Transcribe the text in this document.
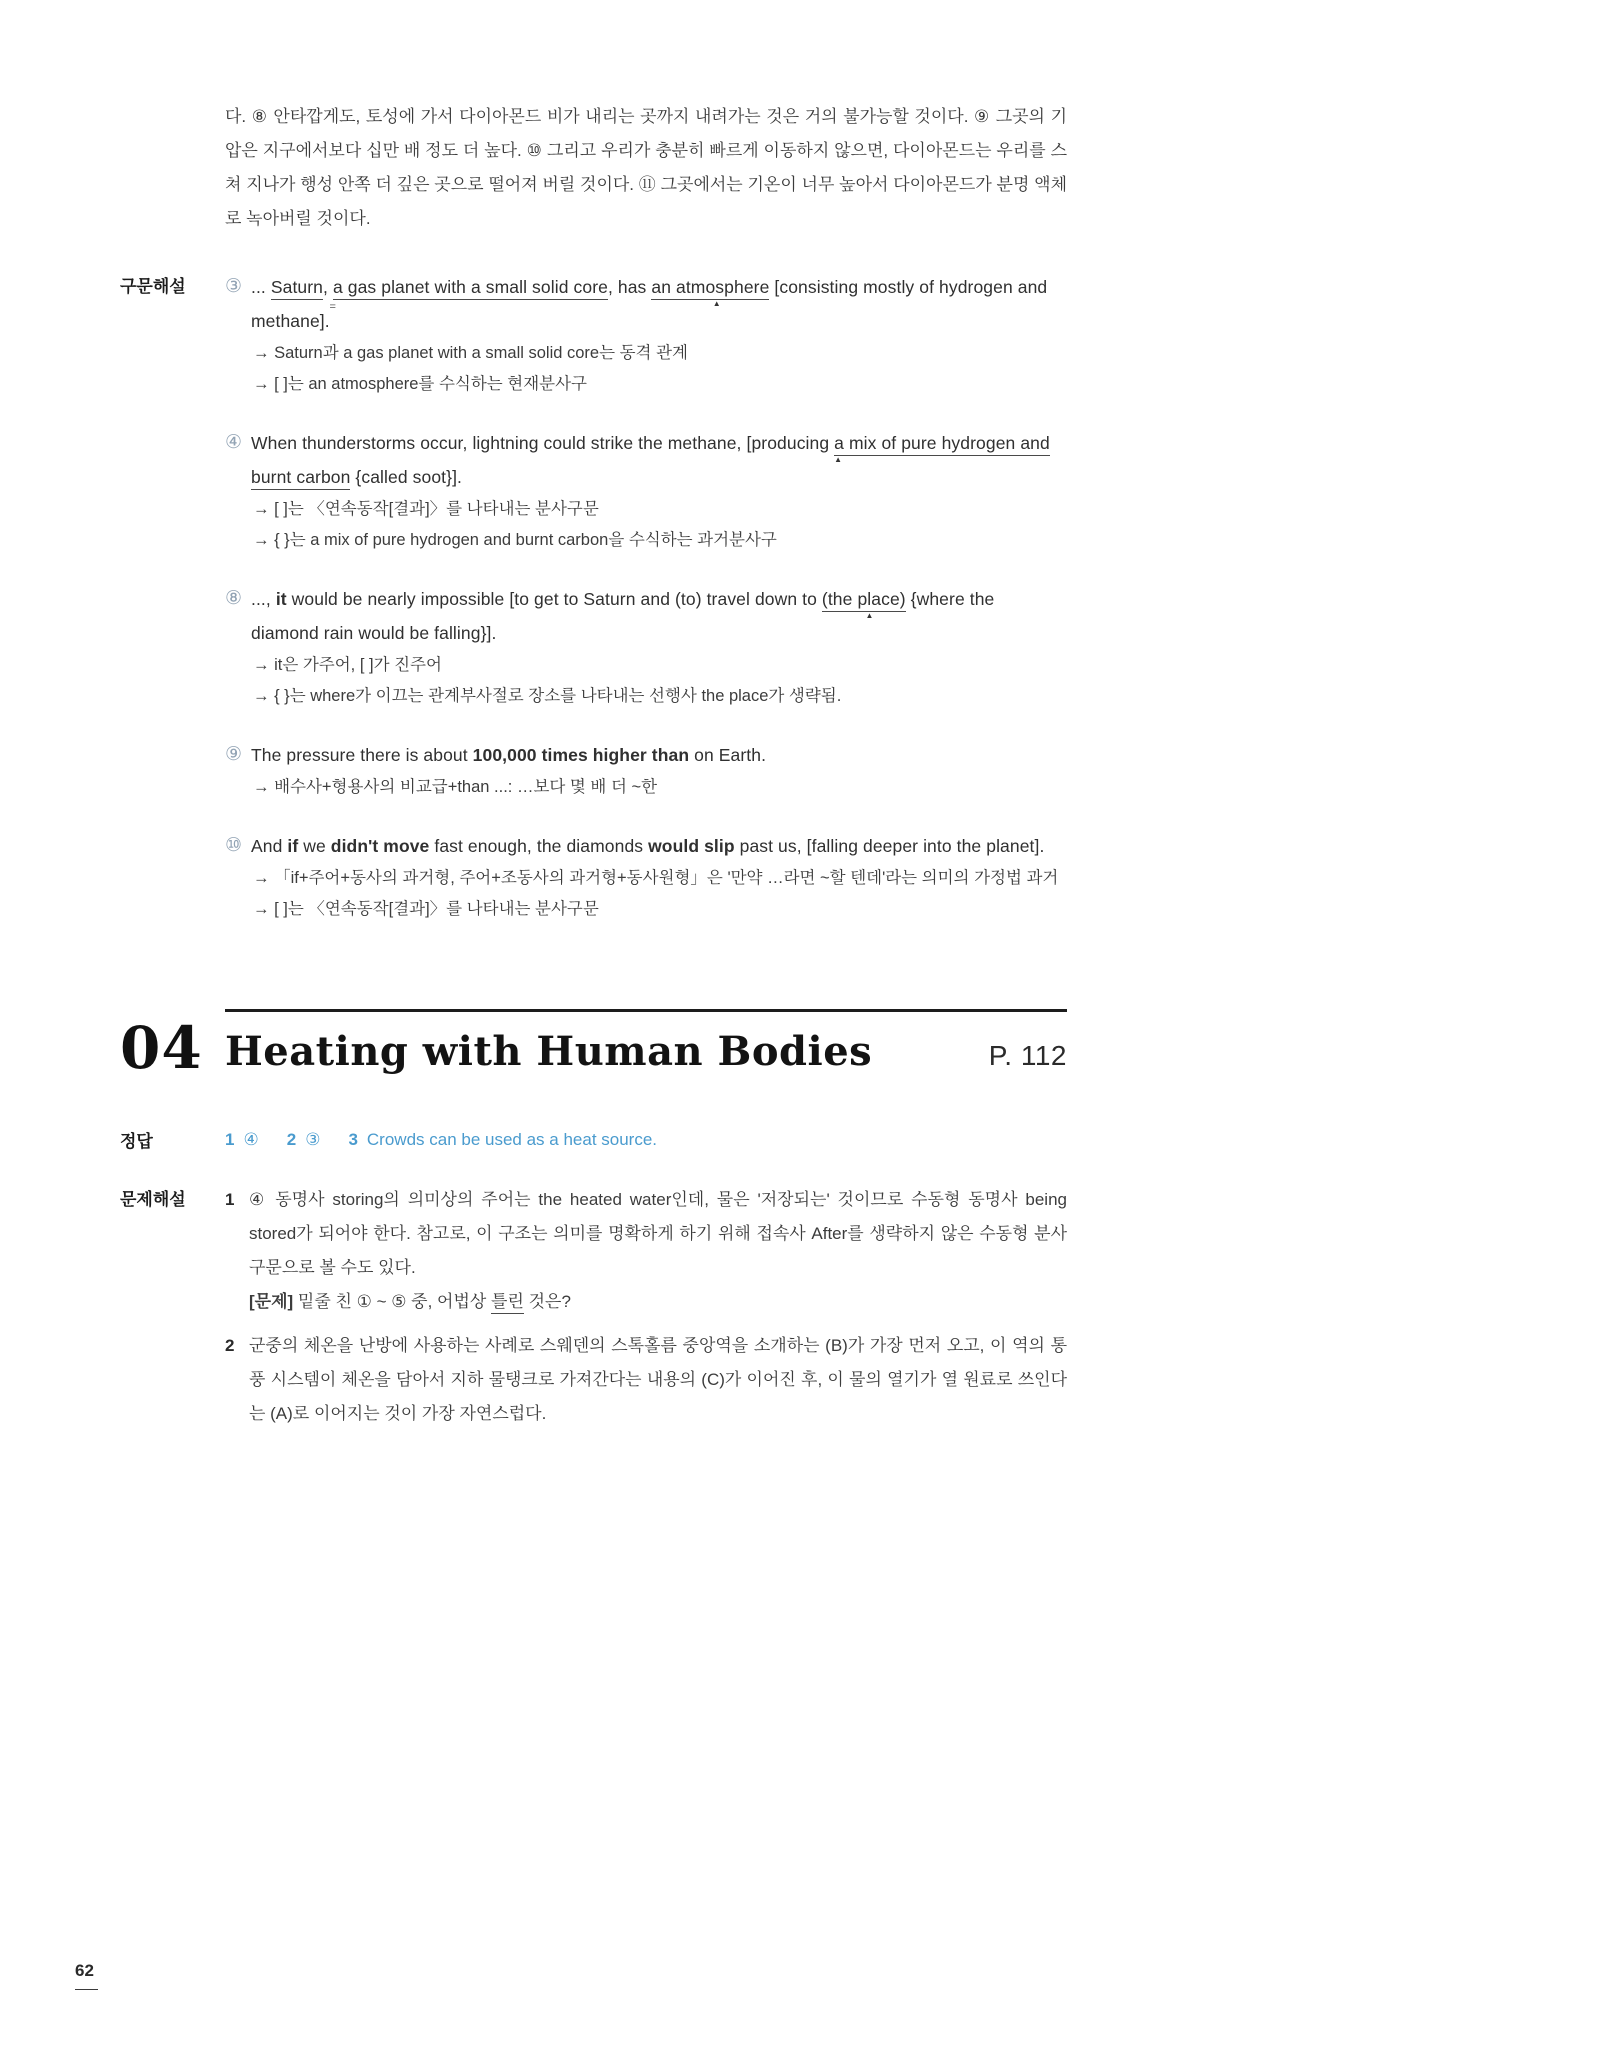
다. ⑧ 안타깝게도, 토성에 가서 다이아몬드 비가 내리는 곳까지 내려가는 것은 거의 불가능할 것이다. ⑨ 그곳의 기압은 지구에서보다 십만 배 정도 더 높다. ⑩ 그리고 우리가 충분히 빠르게 이동하지 않으면, 다이아몬드는 우리를 스쳐 지나가 행성 안쪽 더 깊은 곳으로 떨어져 버릴 것이다. ⑪ 그곳에서는 기온이 너무 높아서 다이아몬드가 분명 액체로 녹아버릴 것이다.

구문해설	③ ... Saturn =, a gas planet with a small solid core, has an atmosphere ▲ [consisting mostly of hydrogen and methane].

→ Saturn과 a gas planet with a small solid core는 동격 관계

→ [ ]는 an atmosphere를 수식하는 현재분사구

④ When thunderstorms occur, lightning could strike the methane, [producing a mix of pure hydrogen and burnt carbon ▲ {called soot}].

→ [ ]는 〈연속동작[결과]〉를 나타내는 분사구문

→ { }는 a mix of pure hydrogen and burnt carbon을 수식하는 과거분사구

⑧ ..., it would be nearly impossible [to get to Saturn and (to) travel down to (the place) ▲ {where the diamond rain would be falling}].

→ it은 가주어, [ ]가 진주어

→ { }는 where가 이끄는 관계부사절로 장소를 나타내는 선행사 the place가 생략됨.

⑨ The pressure there is about 100,000 times higher than on Earth.

→ 배수사+형용사의 비교급+than ...: …보다 몇 배 더 ~한

⑩ And if we didn't move fast enough, the diamonds would slip past us, [falling deeper into the planet].

→ 「if+주어+동사의 과거형, 주어+조동사의 과거형+동사원형」은 '만약 …라면 ~할 텐데'라는 의미의 가정법 과거

→ [ ]는 〈연속동작[결과]〉를 나타내는 분사구문

04 Heating with Human Bodies	P. 112
정답	1 ④ 2 ③ 3 Crowds can be used as a heat source.
문제해설	1 ④ 동명사 storing의 의미상의 주어는 the heated water인데, 물은 '저장되는' 것이므로 수동형 동명사 being stored가 되어야 한다. 참고로, 이 구조는 의미를 명확하게 하기 위해 접속사 After를 생략하지 않은 수동형 분사구문으로 볼 수도 있다.

[문제] 밑줄 친 ① ~ ⑤ 중, 어법상 틀린 것은?

2 군중의 체온을 난방에 사용하는 사례로 스웨덴의 스톡홀름 중앙역을 소개하는 (B)가 가장 먼저 오고, 이 역의 통풍 시스템이 체온을 담아서 지하 물탱크로 가져간다는 내용의 (C)가 이어진 후, 이 물의 열기가 열 원료로 쓰인다는 (A)로 이어지는 것이 가장 자연스럽다.

62
